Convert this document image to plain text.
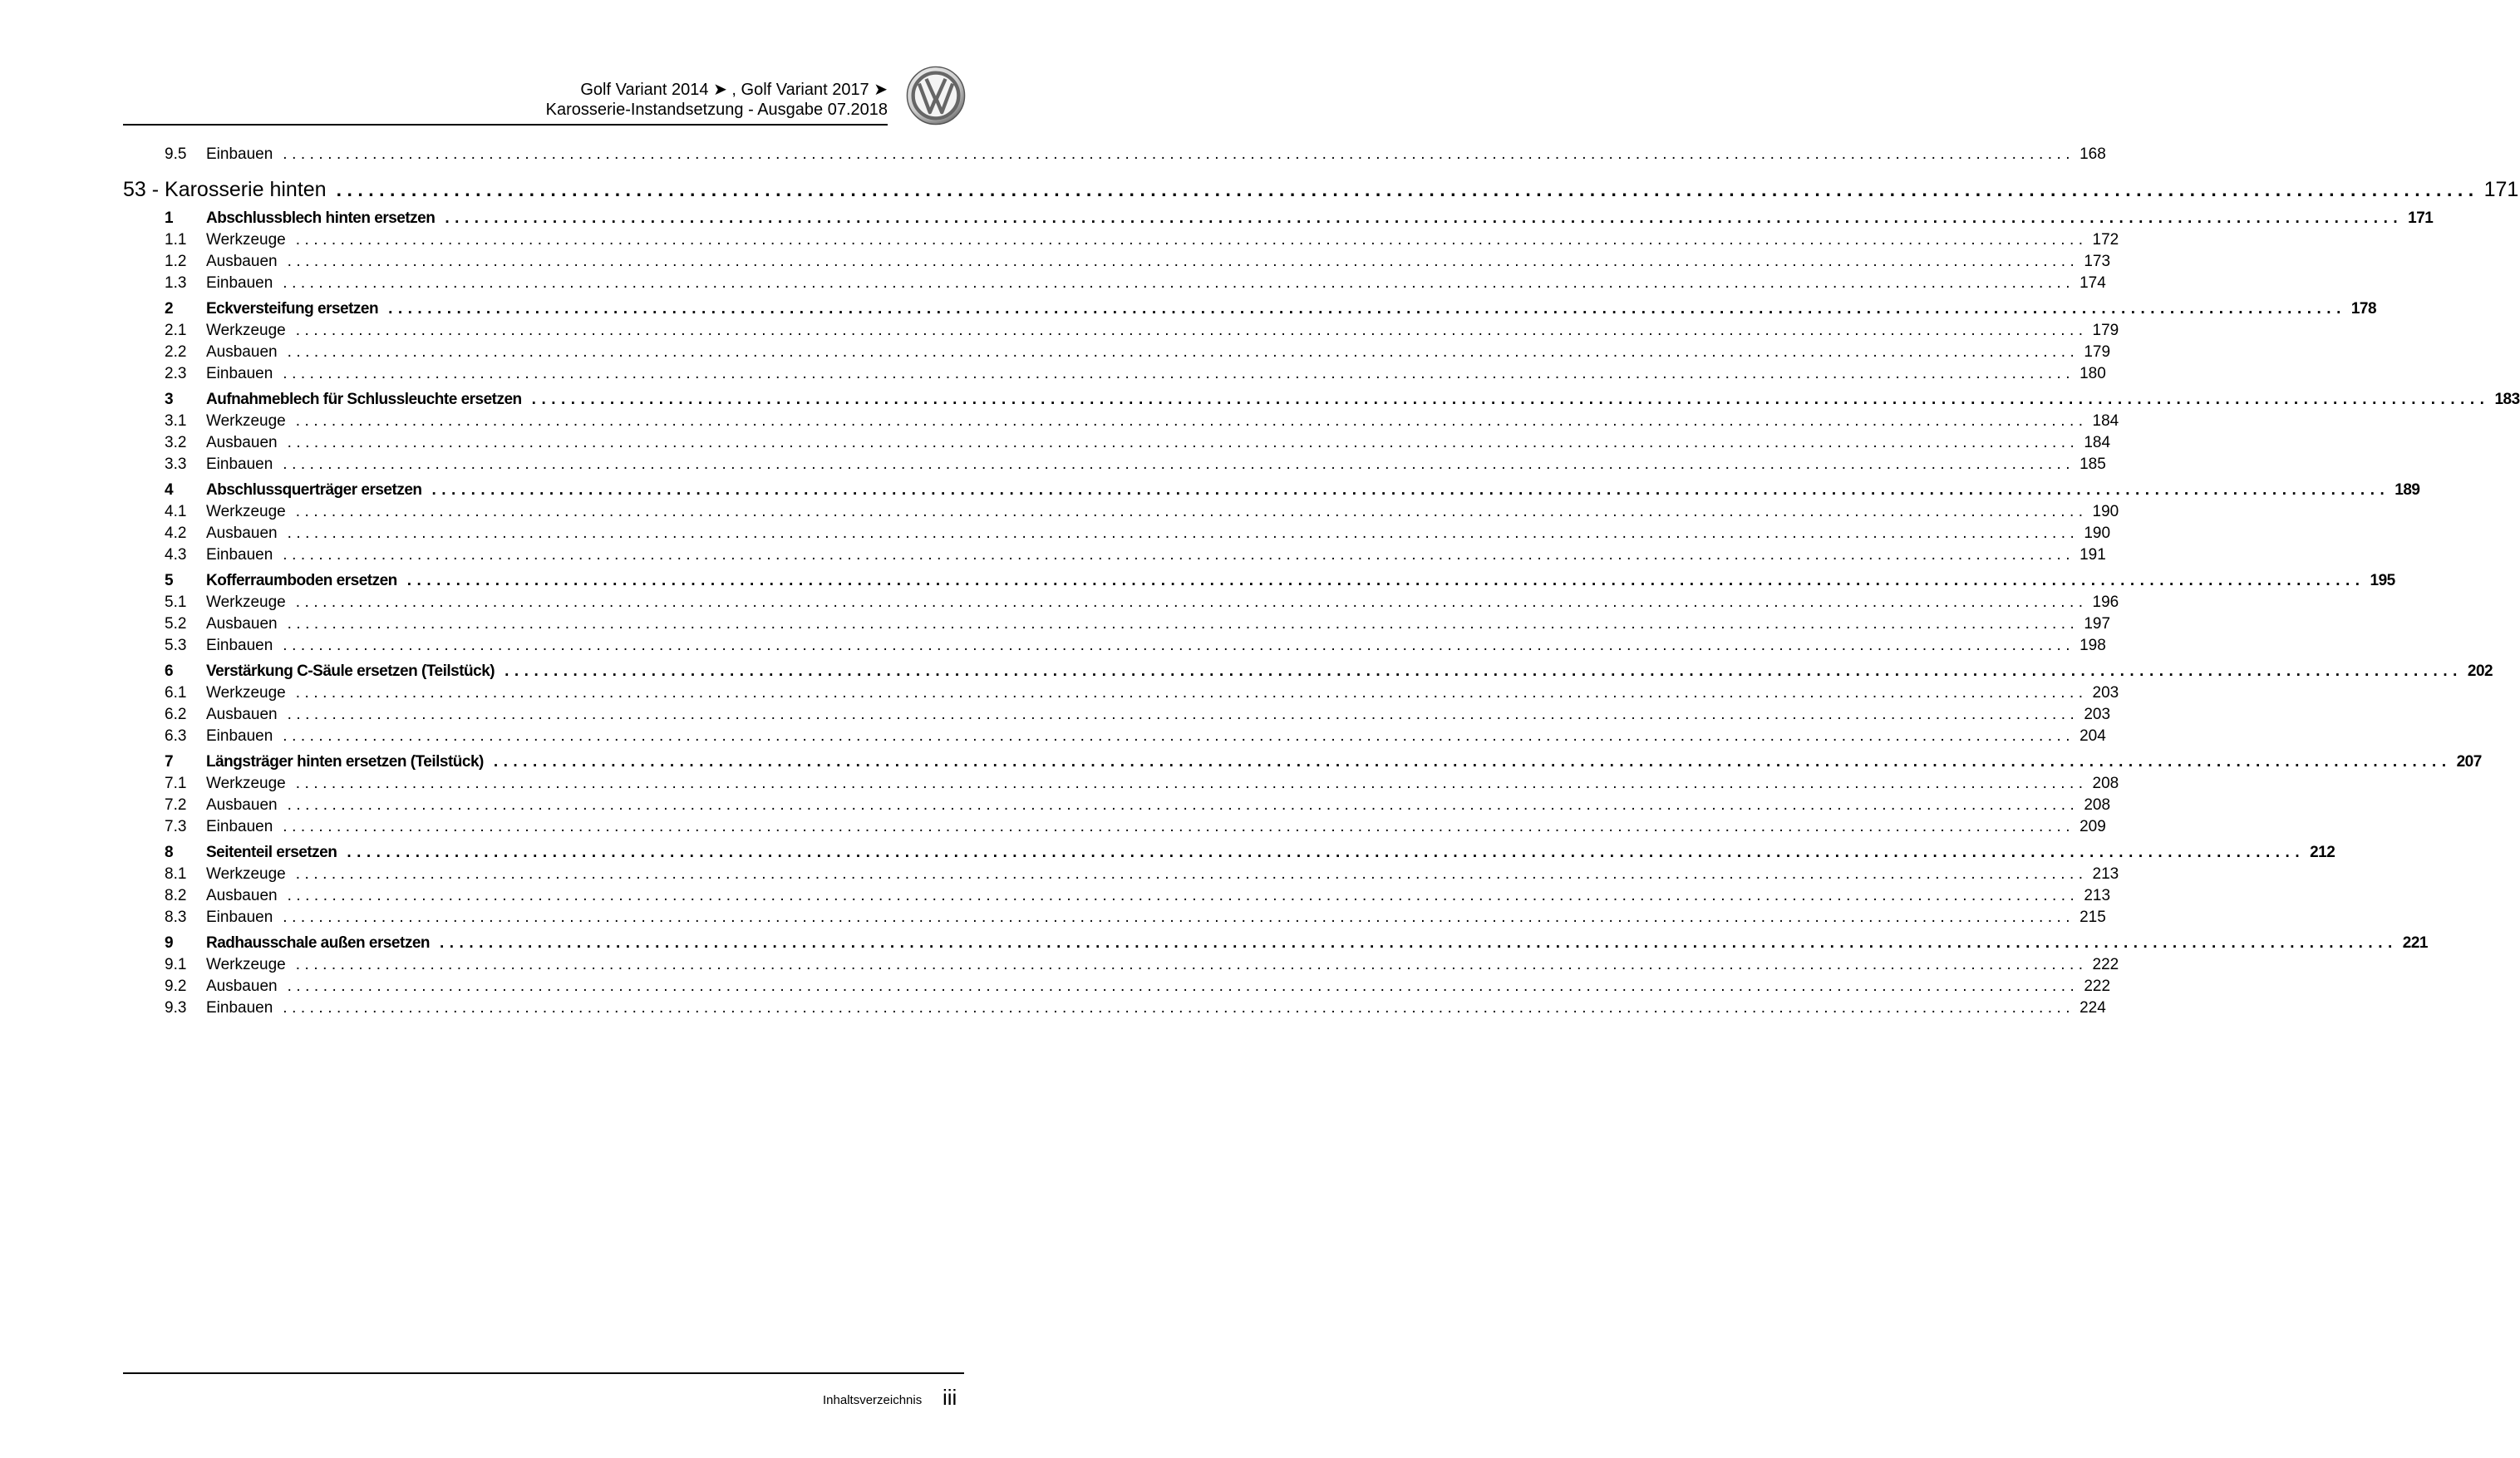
Golf Variant 2014 ➤ , Golf Variant 2017 ➤
Karosserie-Instandsetzung - Ausgabe 07.2018
9.5	Einbauen ........................................................................................................................................................................................................ 168
53 - Karosserie hinten ........................................................................................................................................................................................................ 171
1	Abschlussblech hinten ersetzen ........................................................................................................................................................................................................ 171
1.1	Werkzeuge ........................................................................................................................................................................................................ 172
1.2	Ausbauen ........................................................................................................................................................................................................ 173
1.3	Einbauen ........................................................................................................................................................................................................ 174
2	Eckversteifung ersetzen ........................................................................................................................................................................................................ 178
2.1	Werkzeuge ........................................................................................................................................................................................................ 179
2.2	Ausbauen ........................................................................................................................................................................................................ 179
2.3	Einbauen ........................................................................................................................................................................................................ 180
3	Aufnahmeblech für Schlussleuchte ersetzen ........................................................................................................................................................................................................ 183
3.1	Werkzeuge ........................................................................................................................................................................................................ 184
3.2	Ausbauen ........................................................................................................................................................................................................ 184
3.3	Einbauen ........................................................................................................................................................................................................ 185
4	Abschlussquerträger ersetzen ........................................................................................................................................................................................................ 189
4.1	Werkzeuge ........................................................................................................................................................................................................ 190
4.2	Ausbauen ........................................................................................................................................................................................................ 190
4.3	Einbauen ........................................................................................................................................................................................................ 191
5	Kofferraumboden ersetzen ........................................................................................................................................................................................................ 195
5.1	Werkzeuge ........................................................................................................................................................................................................ 196
5.2	Ausbauen ........................................................................................................................................................................................................ 197
5.3	Einbauen ........................................................................................................................................................................................................ 198
6	Verstärkung C-Säule ersetzen (Teilstück) ........................................................................................................................................................................................................ 202
6.1	Werkzeuge ........................................................................................................................................................................................................ 203
6.2	Ausbauen ........................................................................................................................................................................................................ 203
6.3	Einbauen ........................................................................................................................................................................................................ 204
7	Längsträger hinten ersetzen (Teilstück) ........................................................................................................................................................................................................ 207
7.1	Werkzeuge ........................................................................................................................................................................................................ 208
7.2	Ausbauen ........................................................................................................................................................................................................ 208
7.3	Einbauen ........................................................................................................................................................................................................ 209
8	Seitenteil ersetzen ........................................................................................................................................................................................................ 212
8.1	Werkzeuge ........................................................................................................................................................................................................ 213
8.2	Ausbauen ........................................................................................................................................................................................................ 213
8.3	Einbauen ........................................................................................................................................................................................................ 215
9	Radhausschale außen ersetzen ........................................................................................................................................................................................................ 221
9.1	Werkzeuge ........................................................................................................................................................................................................ 222
9.2	Ausbauen ........................................................................................................................................................................................................ 222
9.3	Einbauen ........................................................................................................................................................................................................ 224
Inhaltsverzeichnis iii
